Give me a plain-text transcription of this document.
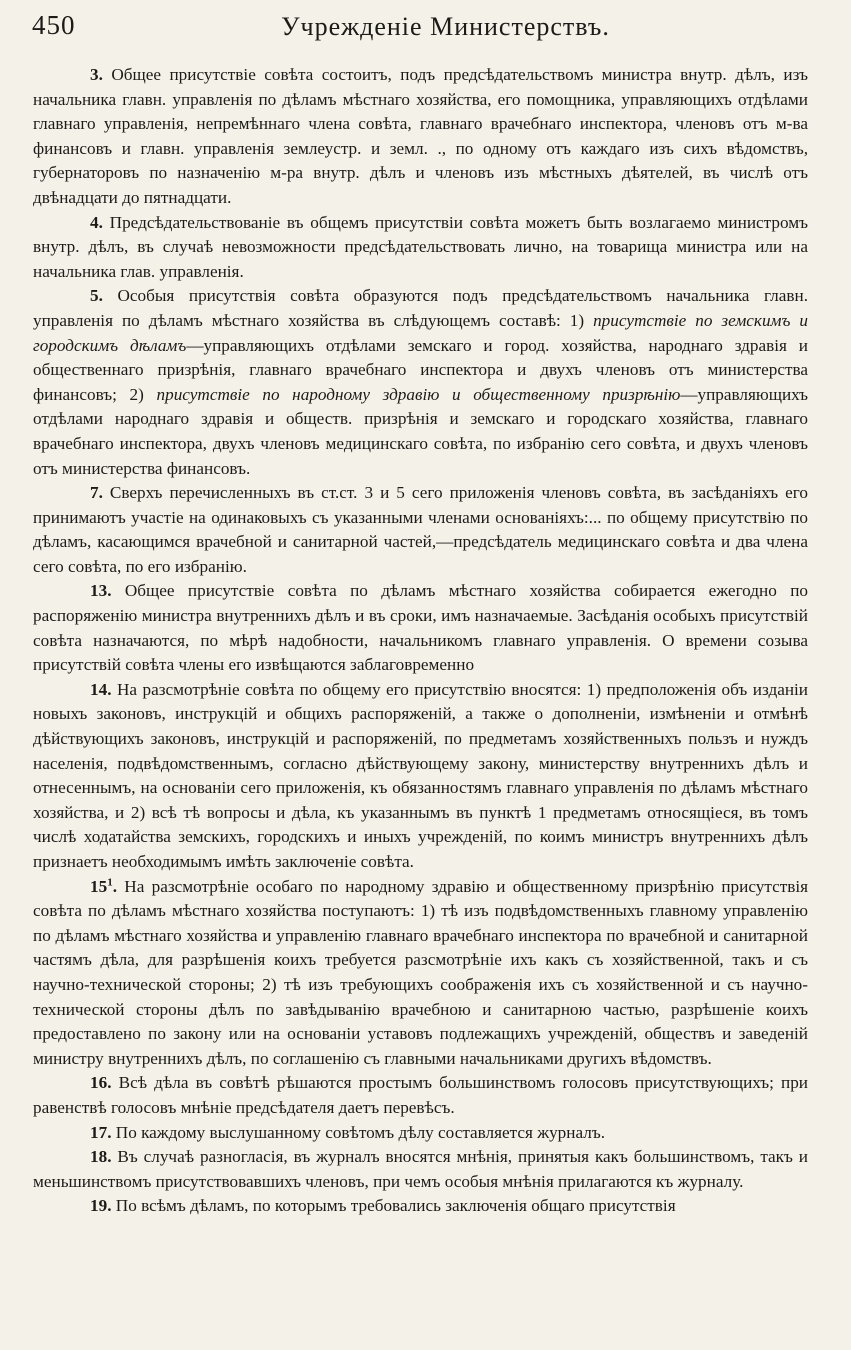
450	Учрежденіе Министерствъ.

3. Общее присутствіе совѣта состоитъ, подъ предсѣдательствомъ министра внутр. дѣлъ, изъ начальника главн. управленія по дѣламъ мѣстнаго хозяйства, его помощника, управляющихъ отдѣлами главнаго управленія, непремѣннаго члена совѣта, главнаго врачебнаго инспектора, членовъ отъ м-ва финансовъ и главн. управленія землеустр. и земл. ., по одному отъ каждаго изъ сихъ вѣдомствъ, губернаторовъ по назначенію м-ра внутр. дѣлъ и членовъ изъ мѣстныхъ дѣятелей, въ числѣ отъ двѣнадцати до пятнадцати.

4. Предсѣдательствованіе въ общемъ присутствіи совѣта можетъ быть возлагаемо министромъ внутр. дѣлъ, въ случаѣ невозможности предсѣдательствовать лично, на товарища министра или на начальника глав. управленія.

5. Особыя присутствія совѣта образуются подъ предсѣдательствомъ начальника главн. управленія по дѣламъ мѣстнаго хозяйства въ слѣдующемъ составѣ: 1) присутствіе по земскимъ и городскимъ дѣламъ—управляющихъ отдѣлами земскаго и город. хозяйства, народнаго здравія и общественнаго призрѣнія, главнаго врачебнаго инспектора и двухъ членовъ отъ министерства финансовъ; 2) присутствіе по народному здравію и общественному призрѣнію—управляющихъ отдѣлами народнаго здравія и обществ. призрѣнія и земскаго и городскаго хозяйства, главнаго врачебнаго инспектора, двухъ членовъ медицинскаго совѣта, по избранію сего совѣта, и двухъ членовъ отъ министерства финансовъ.

7. Сверхъ перечисленныхъ въ ст.ст. 3 и 5 сего приложенія членовъ совѣта, въ засѣданіяхъ его принимаютъ участіе на одинаковыхъ съ указанными членами основаніяхъ:... по общему присутствію по дѣламъ, касающимся врачебной и санитарной частей,—предсѣдатель медицинскаго совѣта и два члена сего совѣта, по его избранію.

13. Общее присутствіе совѣта по дѣламъ мѣстнаго хозяйства собирается ежегодно по распоряженію министра внутреннихъ дѣлъ и въ сроки, имъ назначаемые. Засѣданія особыхъ присутствій совѣта назначаются, по мѣрѣ надобности, начальникомъ главнаго управленія. О времени созыва присутствій совѣта члены его извѣщаются заблаговременно

14. На разсмотрѣніе совѣта по общему его присутствію вносятся: 1) предположенія объ изданіи новыхъ законовъ, инструкцій и общихъ распоряженій, а также о дополненіи, измѣненіи и отмѣнѣ дѣйствующихъ законовъ, инструкцій и распоряженій, по предметамъ хозяйственныхъ пользъ и нуждъ населенія, подвѣдомственнымъ, согласно дѣйствующему закону, министерству внутреннихъ дѣлъ и отнесеннымъ, на основаніи сего приложенія, къ обязанностямъ главнаго управленія по дѣламъ мѣстнаго хозяйства, и 2) всѣ тѣ вопросы и дѣла, къ указаннымъ въ пунктѣ 1 предметамъ относящіеся, въ томъ числѣ ходатайства земскихъ, городскихъ и иныхъ учрежденій, по коимъ министръ внутреннихъ дѣлъ признаетъ необходимымъ имѣть заключеніе совѣта.

$15^1$. На разсмотрѣніе особаго по народному здравію и общественному призрѣнію присутствія совѣта по дѣламъ мѣстнаго хозяйства поступаютъ: 1) тѣ изъ подвѣдомственныхъ главному управленію по дѣламъ мѣстнаго хозяйства и управленію главнаго врачебнаго инспектора по врачебной и санитарной частямъ дѣла, для разрѣшенія коихъ требуется разсмотрѣніе ихъ какъ съ хозяйственной, такъ и съ научно-технической стороны; 2) тѣ изъ требующихъ соображенія ихъ съ хозяйственной и съ научно-технической стороны дѣлъ по завѣдыванію врачебною и санитарною частью, разрѣшеніе коихъ предоставлено по закону или на основаніи уставовъ подлежащихъ учрежденій, обществъ и заведеній министру внутреннихъ дѣлъ, по соглашенію съ главными начальниками другихъ вѣдомствъ.

16. Всѣ дѣла въ совѣтѣ рѣшаются простымъ большинствомъ голосовъ присутствующихъ; при равенствѣ голосовъ мнѣніе предсѣдателя даетъ перевѣсъ.

17. По каждому выслушанному совѣтомъ дѣлу составляется журналъ.

18. Въ случаѣ разногласія, въ журналъ вносятся мнѣнія, принятыя какъ большинствомъ, такъ и меньшинствомъ присутствовавшихъ членовъ, при чемъ особыя мнѣнія прилагаются къ журналу.

19. По всѣмъ дѣламъ, по которымъ требовались заключенія общаго присутствія
